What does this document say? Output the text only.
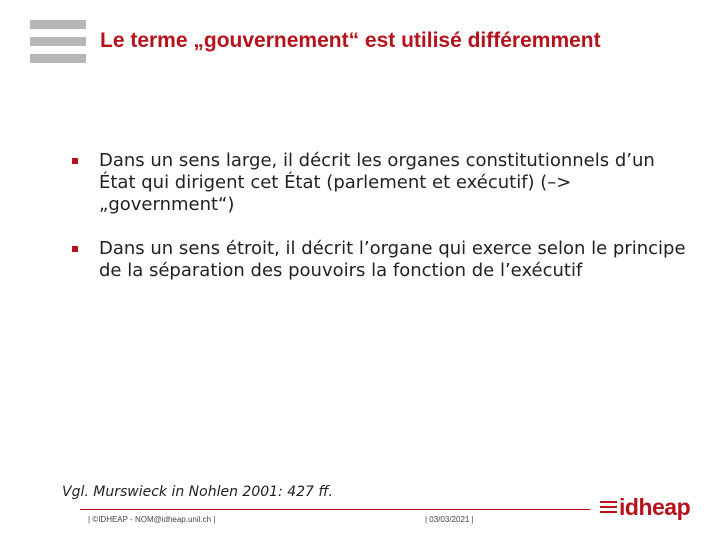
Le terme „gouvernement“ est utilisé différemment
Dans un sens large, il décrit les organes constitutionnels d’un État qui dirigent cet État (parlement et exécutif) (–> „government“)
Dans un sens étroit, il décrit l’organe qui exerce selon le principe de la séparation des pouvoirs la fonction de l’exécutif
Vgl. Murswieck in Nohlen 2001: 427 ff.
| ©IDHEAP - NOM@idheap.unil.ch |	| 03/03/2021 |	idheap
